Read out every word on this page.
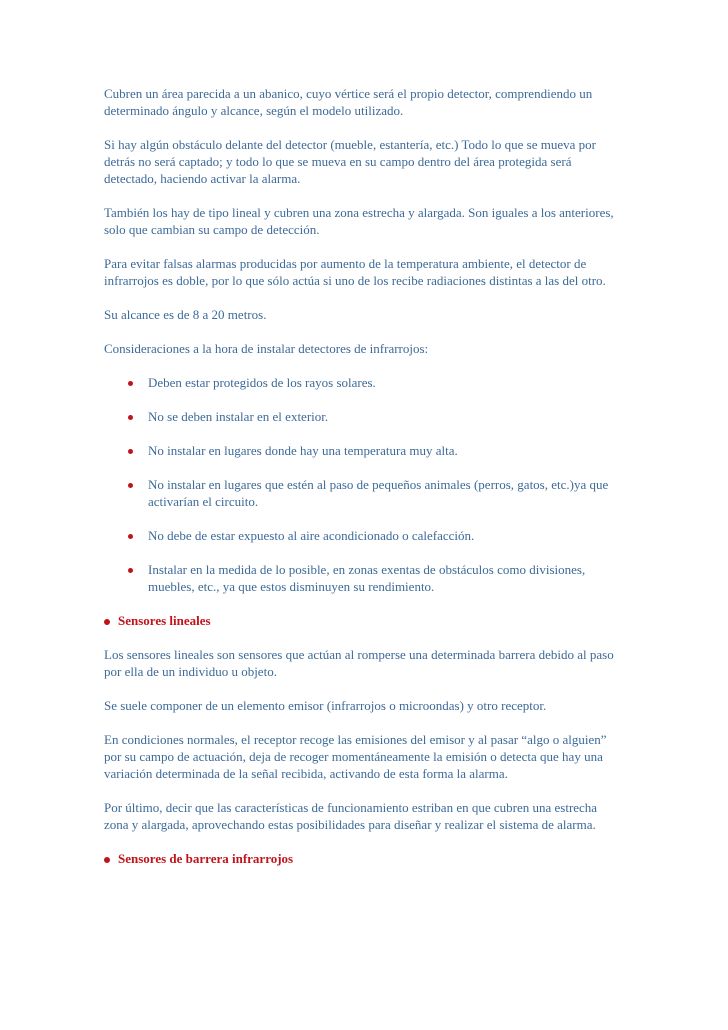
Cubren un área parecida a un abanico, cuyo vértice será el propio detector, comprendiendo un determinado ángulo y alcance, según el modelo utilizado.

Si hay algún obstáculo delante del detector (mueble, estantería, etc.) Todo lo que se mueva por detrás no será captado; y todo lo que se mueva en su campo dentro del área protegida será detectado, haciendo activar la alarma.

También los hay de tipo lineal y cubren una zona estrecha y alargada. Son iguales a los anteriores, solo que cambian su campo de detección.

Para evitar falsas alarmas producidas por aumento de la temperatura ambiente, el detector de infrarrojos es doble, por lo que sólo actúa si uno de los recibe radiaciones distintas a las del otro.

Su alcance es de 8 a 20 metros.

Consideraciones a la hora de instalar detectores de infrarrojos:

Deben estar protegidos de los rayos solares.
No se deben instalar en el exterior.
No instalar en lugares donde hay una temperatura muy alta.
No instalar en lugares que estén al paso de pequeños animales (perros, gatos, etc.)ya que activarían el circuito.
No debe de estar expuesto al aire acondicionado o calefacción.
Instalar en la medida de lo posible, en zonas exentas de obstáculos como divisiones, muebles, etc., ya que estos disminuyen su rendimiento.
Sensores lineales

Los sensores lineales son sensores que actúan al romperse una determinada barrera debido al paso por ella de un individuo u objeto.

Se suele componer de un elemento emisor (infrarrojos o microondas) y otro receptor.

En condiciones normales, el receptor recoge las emisiones del emisor y al pasar “algo o alguien” por su campo de actuación, deja de recoger momentáneamente la emisión o detecta que hay una variación determinada de la señal recibida, activando de esta forma la alarma.

Por último, decir que las características de funcionamiento estriban en que cubren una estrecha zona y alargada, aprovechando estas posibilidades para diseñar y realizar el sistema de alarma.

Sensores de barrera infrarrojos
